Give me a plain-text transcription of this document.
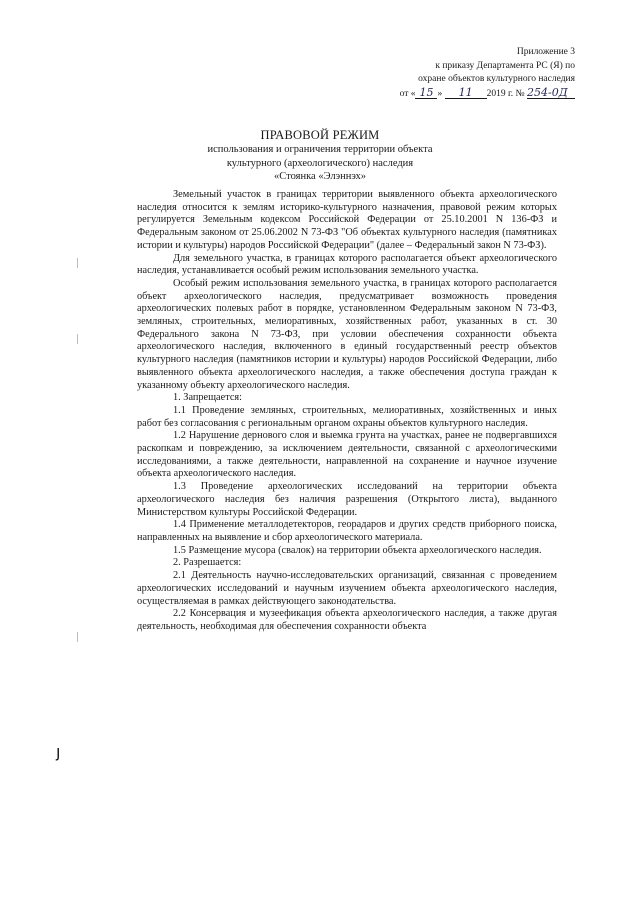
Приложение 3
к приказу Департамента РС (Я) по
охране объектов культурного наследия
от « 15 » 11 2019 г. № 254-0Д
ПРАВОВОЙ РЕЖИМ
использования и ограничения территории объекта
культурного (археологического) наследия
«Стоянка «Элэннэх»

Земельный участок в границах территории выявленного объекта археологического наследия относится к землям историко-культурного назначения, правовой режим которых регулируется Земельным кодексом Российской Федерации от 25.10.2001 N 136-ФЗ и Федеральным законом от 25.06.2002 N 73-ФЗ "Об объектах культурного наследия (памятниках истории и культуры) народов Российской Федерации" (далее – Федеральный закон N 73-ФЗ).

Для земельного участка, в границах которого располагается объект археологического наследия, устанавливается особый режим использования земельного участка.

Особый режим использования земельного участка, в границах которого располагается объект археологического наследия, предусматривает возможность проведения археологических полевых работ в порядке, установленном Федеральным законом N 73-ФЗ, земляных, строительных, мелиоративных, хозяйственных работ, указанных в ст. 30 Федерального закона N 73-ФЗ, при условии обеспечения сохранности объекта археологического наследия, включенного в единый государственный реестр объектов культурного наследия (памятников истории и культуры) народов Российской Федерации, либо выявленного объекта археологического наследия, а также обеспечения доступа граждан к указанному объекту археологического наследия.

1. Запрещается:

1.1 Проведение земляных, строительных, мелиоративных, хозяйственных и иных работ без согласования с региональным органом охраны объектов культурного наследия.

1.2 Нарушение дернового слоя и выемка грунта на участках, ранее не подвергавшихся раскопкам и повреждению, за исключением деятельности, связанной с археологическими исследованиями, а также деятельности, направленной на сохранение и научное изучение объекта археологического наследия.

1.3 Проведение археологических исследований на территории объекта археологического наследия без наличия разрешения (Открытого листа), выданного Министерством культуры Российской Федерации.

1.4 Применение металлодетекторов, георадаров и других средств приборного поиска, направленных на выявление и сбор археологического материала.

1.5 Размещение мусора (свалок) на территории объекта археологического наследия.

2. Разрешается:

2.1 Деятельность научно-исследовательских организаций, связанная с проведением археологических исследований и научным изучением объекта археологического наследия, осуществляемая в рамках действующего законодательства.

2.2 Консервация и музеефикация объекта археологического наследия, а также другая деятельность, необходимая для обеспечения сохранности объекта

ȷ
